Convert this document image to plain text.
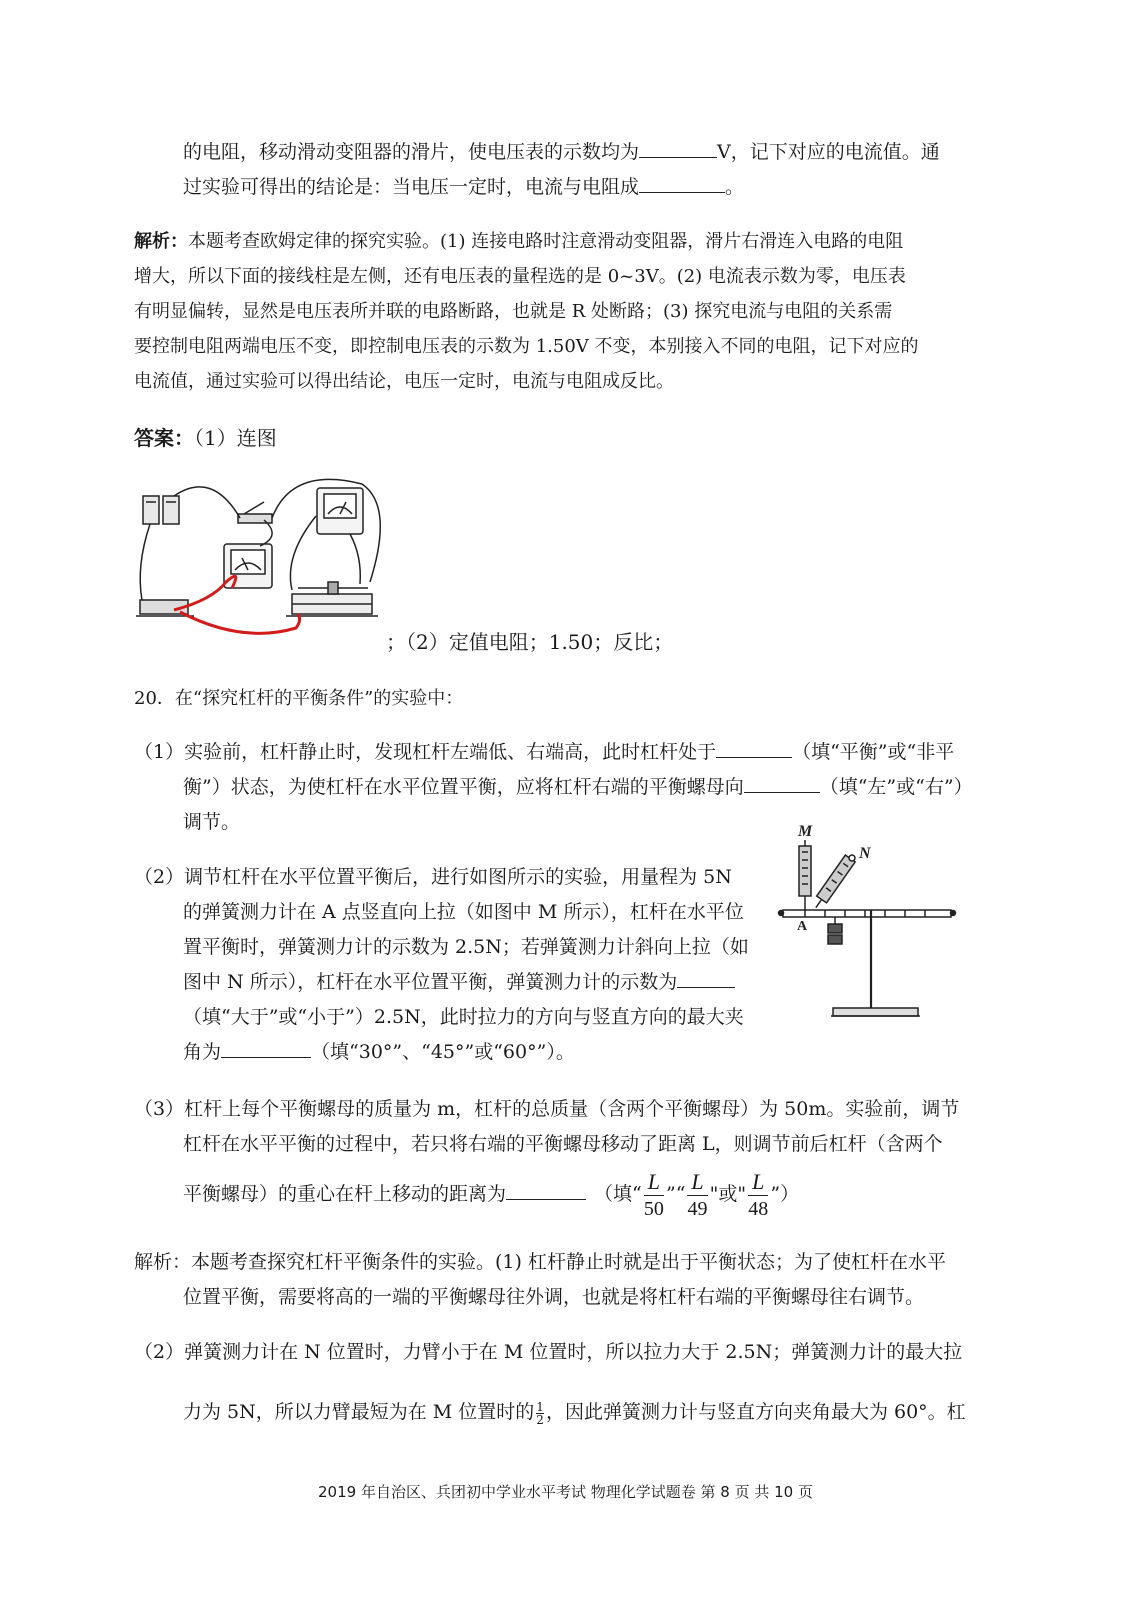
的电阻，移动滑动变阻器的滑片，使电压表的示数均为	V，记下对应的电流值。通
过实验可得出的结论是：当电压一定时，电流与电阻成	。
解析：本题考查欧姆定律的探究实验。(1) 连接电路时注意滑动变阻器，滑片右滑连入电路的电阻
增大，所以下面的接线柱是左侧，还有电压表的量程选的是 0~3V。(2) 电流表示数为零，电压表
有明显偏转，显然是电压表所并联的电路断路，也就是 R 处断路；(3) 探究电流与电阻的关系需
要控制电阻两端电压不变，即控制电压表的示数为 1.50V 不变，本别接入不同的电阻，记下对应的
电流值，通过实验可以得出结论，电压一定时，电流与电阻成反比。
答案：（1）连图
；（2）定值电阻；1.50；反比；
20．在“探究杠杆的平衡条件”的实验中：
（1）实验前，杠杆静止时，发现杠杆左端低、右端高，此时杠杆处于	（填“平衡”或“非平
衡”）状态，为使杠杆在水平位置平衡，应将杠杆右端的平衡螺母向	（填“左”或“右”）
调节。
（2）调节杠杆在水平位置平衡后，进行如图所示的实验，用量程为 5N
的弹簧测力计在 A 点竖直向上拉（如图中 M 所示），杠杆在水平位
置平衡时，弹簧测力计的示数为 2.5N；若弹簧测力计斜向上拉（如
图中 N 所示），杠杆在水平位置平衡，弹簧测力计的示数为
（填“大于”或“小于”）2.5N，此时拉力的方向与竖直方向的最大夹
角为	（填“30°”、“45°”或“60°”）。
M
N
A
（3）杠杆上每个平衡螺母的质量为 m，杠杆的总质量（含两个平衡螺母）为 50m。实验前，调节
杠杆在水平平衡的过程中，若只将右端的平衡螺母移动了距离 L，则调节前后杠杆（含两个
平衡螺母）的重心在杆上移动的距离为	（填“ $\frac{L}{50}$ ”“ $\frac{L}{49}$ "或" $\frac{L}{48}$ ”）
解析：本题考查探究杠杆平衡条件的实验。(1) 杠杆静止时就是出于平衡状态；为了使杠杆在水平
位置平衡，需要将高的一端的平衡螺母往外调，也就是将杠杆右端的平衡螺母往右调节。
（2）弹簧测力计在 N 位置时，力臂小于在 M 位置时，所以拉力大于 2.5N；弹簧测力计的最大拉
力为 5N，所以力臂最短为在 M 位置时的 $\frac{1}{2}$ ，因此弹簧测力计与竖直方向夹角最大为 60°。杠
2019 年自治区、兵团初中学业水平考试 物理化学试题卷 第 8 页 共 10 页
